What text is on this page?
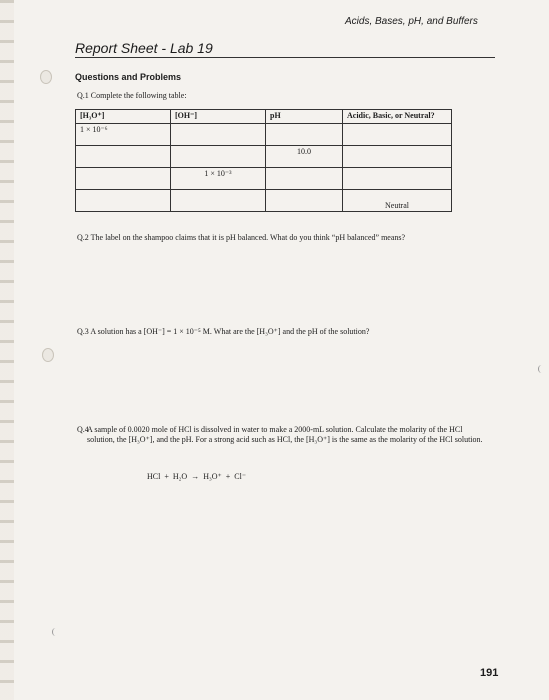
Acids, Bases, pH, and Buffers
Report Sheet - Lab 19
Questions and Problems
Q.1 Complete the following table:
[H₃O⁺]	[OH⁻]	pH	Acidic, Basic, or Neutral?
1 × 10⁻⁶			
		10.0	
	1 × 10⁻³		
			Neutral
Q.2 The label on the shampoo claims that it is pH balanced. What do you think “pH balanced” means?
Q.3 A solution has a [OH⁻] = 1 × 10⁻⁵ M. What are the [H₃O⁺] and the pH of the solution?
Q.4
A sample of 0.0020 mole of HCl is dissolved in water to make a 2000-mL solution. Calculate the molarity of the HCl solution, the [H₃O⁺], and the pH. For a strong acid such as HCl, the [H₃O⁺] is the same as the molarity of the HCl solution.
HCl + H₂O → H₃O⁺ + Cl⁻
191
